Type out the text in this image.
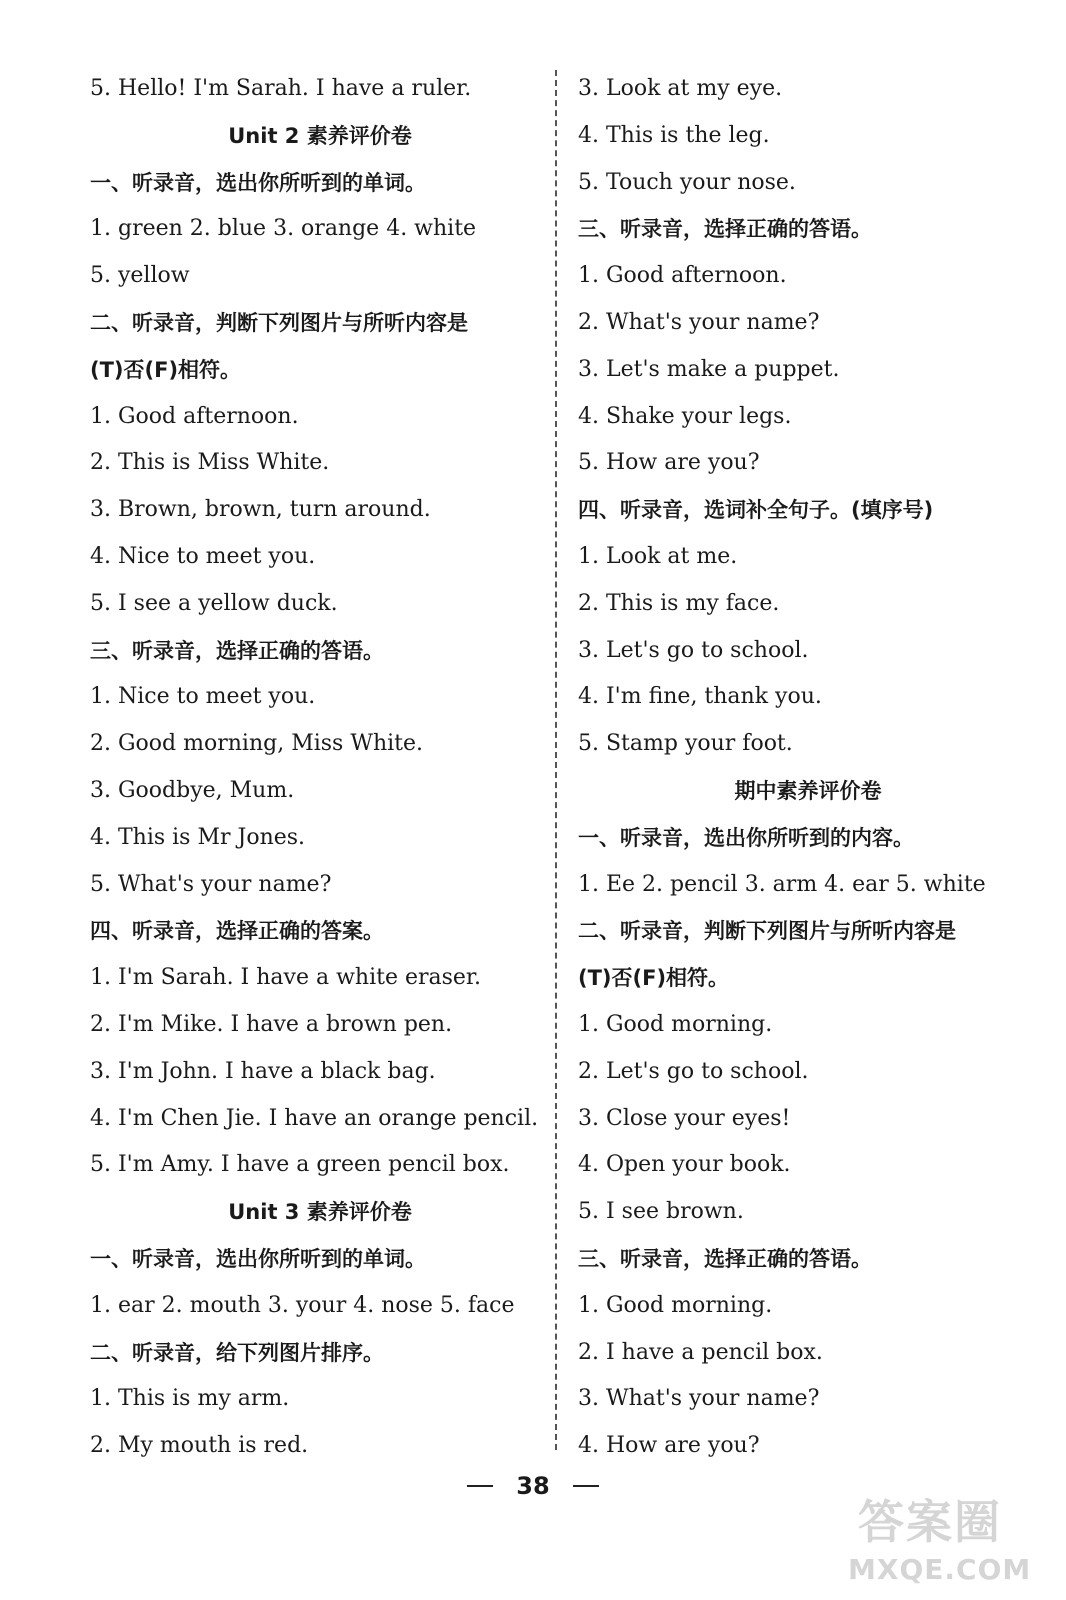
5. Hello! I'm Sarah. I have a ruler.
Unit 2 素养评价卷
一、听录音，选出你所听到的单词。
1. green 2. blue 3. orange 4. white
5. yellow
二、听录音，判断下列图片与所听内容是
(T)否(F)相符。
1. Good afternoon.
2. This is Miss White.
3. Brown, brown, turn around.
4. Nice to meet you.
5. I see a yellow duck.
三、听录音，选择正确的答语。
1. Nice to meet you.
2. Good morning, Miss White.
3. Goodbye, Mum.
4. This is Mr Jones.
5. What's your name?
四、听录音，选择正确的答案。
1. I'm Sarah. I have a white eraser.
2. I'm Mike. I have a brown pen.
3. I'm John. I have a black bag.
4. I'm Chen Jie. I have an orange pencil.
5. I'm Amy. I have a green pencil box.
Unit 3 素养评价卷
一、听录音，选出你所听到的单词。
1. ear 2. mouth 3. your 4. nose 5. face
二、听录音，给下列图片排序。
1. This is my arm.
2. My mouth is red.
3. Look at my eye.
4. This is the leg.
5. Touch your nose.
三、听录音，选择正确的答语。
1. Good afternoon.
2. What's your name?
3. Let's make a puppet.
4. Shake your legs.
5. How are you?
四、听录音，选词补全句子。(填序号)
1. Look at me.
2. This is my face.
3. Let's go to school.
4. I'm fine, thank you.
5. Stamp your foot.
期中素养评价卷
一、听录音，选出你所听到的内容。
1. Ee 2. pencil 3. arm 4. ear 5. white
二、听录音，判断下列图片与所听内容是
(T)否(F)相符。
1. Good morning.
2. Let's go to school.
3. Close your eyes!
4. Open your book.
5. I see brown.
三、听录音，选择正确的答语。
1. Good morning.
2. I have a pencil box.
3. What's your name?
4. How are you?
38
答案圈
MXQE.COM
